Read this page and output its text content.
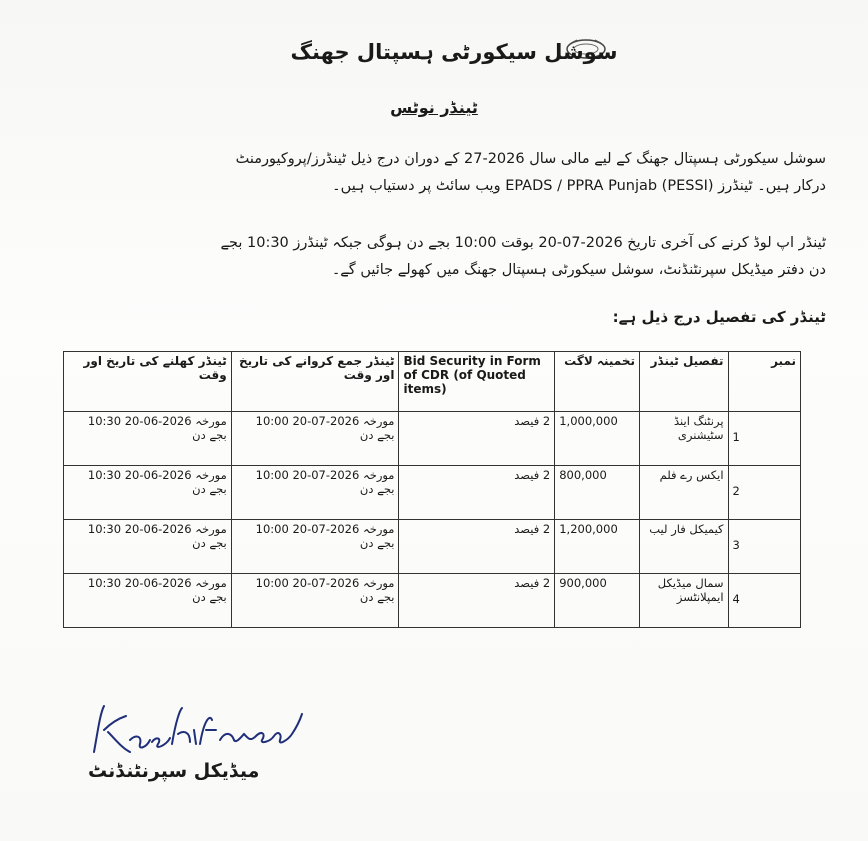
سوشل سیکورٹی ہسپتال جھنگ
ٹینڈر نوٹس
سوشل سیکورٹی ہسپتال جھنگ کے لیے مالی سال 2026-27 کے دوران درج ذیل ٹینڈرز/پروکیورمنٹ
درکار ہیں۔ ٹینڈرز EPADS / PPRA Punjab (PESSI) ویب سائٹ پر دستیاب ہیں۔
ٹینڈر اپ لوڈ کرنے کی آخری تاریخ 2026-07-20 بوقت 10:00 بجے دن ہوگی جبکہ ٹینڈرز 10:30 بجے
دن دفتر میڈیکل سپرنٹنڈنٹ، سوشل سیکورٹی ہسپتال جھنگ میں کھولے جائیں گے۔
ٹینڈر کی تفصیل درج ذیل ہے:
نمبر	تفصیل ٹینڈر	تخمینہ لاگت	Bid Security in Form of CDR (of Quoted items)	ٹینڈر جمع کروانے کی تاریخ اور وقت	ٹینڈر کھلنے کی تاریخ اور وقت
1	پرنٹنگ اینڈ سٹیشنری	1,000,000	2 فیصد	مورخہ 2026-07-20 10:00 بجے دن	مورخہ 2026-06-20 10:30 بجے دن
2	ایکس رے فلم	800,000	2 فیصد	مورخہ 2026-07-20 10:00 بجے دن	مورخہ 2026-06-20 10:30 بجے دن
3	کیمیکل فار لیب	1,200,000	2 فیصد	مورخہ 2026-07-20 10:00 بجے دن	مورخہ 2026-06-20 10:30 بجے دن
4	سمال میڈیکل ایمپلانٹسز	900,000	2 فیصد	مورخہ 2026-07-20 10:00 بجے دن	مورخہ 2026-06-20 10:30 بجے دن
میڈیکل سپرنٹنڈنٹ
